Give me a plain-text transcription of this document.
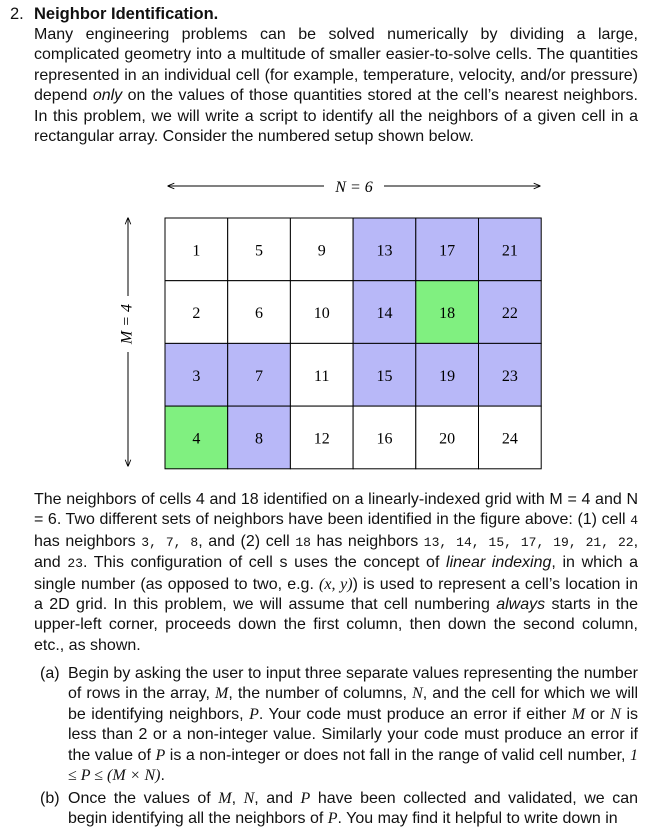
2. Neighbor Identification.
Many engineering problems can be solved numerically by dividing a large, complicated geometry into a multitude of smaller easier-to-solve cells. The quantities represented in an individual cell (for example, temperature, velocity, and/or pressure) depend only on the values of those quantities stored at the cell’s nearest neighbors. In this problem, we will write a script to identify all the neighbors of a given cell in a rectangular array. Consider the numbered setup shown below.
N = 6
M = 4
1
2
3
4
5
6
7
8
9
10
11
12
13
14
15
16
17
18
19
20
21
22
23
24
The neighbors of cells 4 and 18 identified on a linearly-indexed grid with M = 4 and N = 6. Two different sets of neighbors have been identified in the figure above: (1) cell 4 has neighbors 3, 7, 8, and (2) cell 18 has neighbors 13, 14, 15, 17, 19, 21, 22, and 23. This configuration of cell s uses the concept of linear indexing, in which a single number (as opposed to two, e.g. (x, y)) is used to represent a cell’s location in a 2D grid. In this problem, we will assume that cell numbering always starts in the upper-left corner, proceeds down the first column, then down the second column, etc., as shown.
(a) Begin by asking the user to input three separate values representing the number of rows in the array, M, the number of columns, N, and the cell for which we will be identifying neighbors, P. Your code must produce an error if either M or N is less than 2 or a non-integer value. Similarly your code must produce an error if the value of P is a non-integer or does not fall in the range of valid cell number, 1 ≤ P ≤ (M × N).
(b) Once the values of M, N, and P have been collected and validated, we can begin identifying all the neighbors of P. You may find it helpful to write down in
